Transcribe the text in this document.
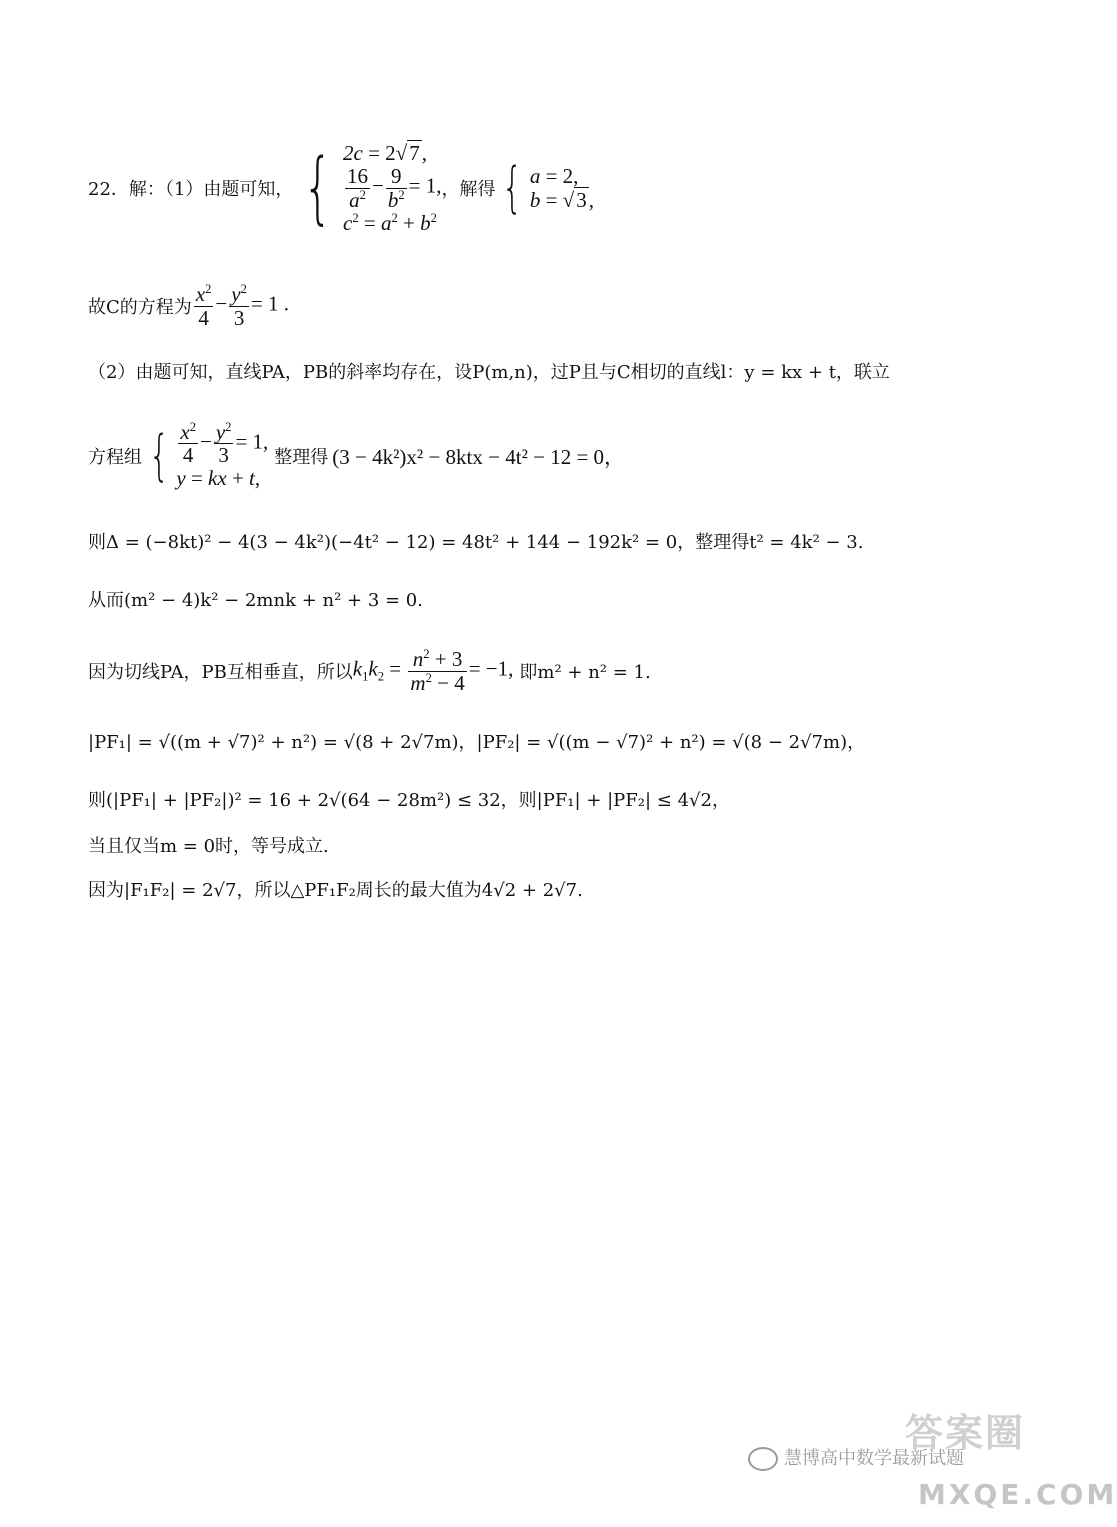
22．解：（1）由题可知， { 2c = 2√7,
$\frac{16}{a^2} - \frac{9}{b^2} = 1$,
$c^2 = a^2 + b^2$
，解得 { a = 2,
b = √3,
故C的方程为 $\frac{x^2}{4} - \frac{y^2}{3} = 1$ .
（2）由题可知，直线PA，PB的斜率均存在，设P(m,n)，过P且与C相切的直线l：y = kx + t，联立
方程组 { $\frac{x^2}{4} - \frac{y^2}{3} = 1$,
y = kx + t,
整理得 (3 − 4k²)x² − 8ktx − 4t² − 12 = 0，
则Δ = (−8kt)² − 4(3 − 4k²)(−4t² − 12) = 48t² + 144 − 192k² = 0，整理得t² = 4k² − 3.
从而(m² − 4)k² − 2mnk + n² + 3 = 0.
因为切线PA，PB互相垂直，所以 $k_1k_2 = \frac{n^2 + 3}{m^2 - 4} = -1$, 即m² + n² = 1.
|PF₁| = √((m + √7)² + n²) = √(8 + 2√7m)，|PF₂| = √((m − √7)² + n²) = √(8 − 2√7m)，
则(|PF₁| + |PF₂|)² = 16 + 2√(64 − 28m²) ≤ 32，则|PF₁| + |PF₂| ≤ 4√2，
当且仅当m = 0时，等号成立.
因为|F₁F₂| = 2√7，所以△PF₁F₂周长的最大值为4√2 + 2√7.
慧博高中数学最新试题
答案圈
MXQE.COM
